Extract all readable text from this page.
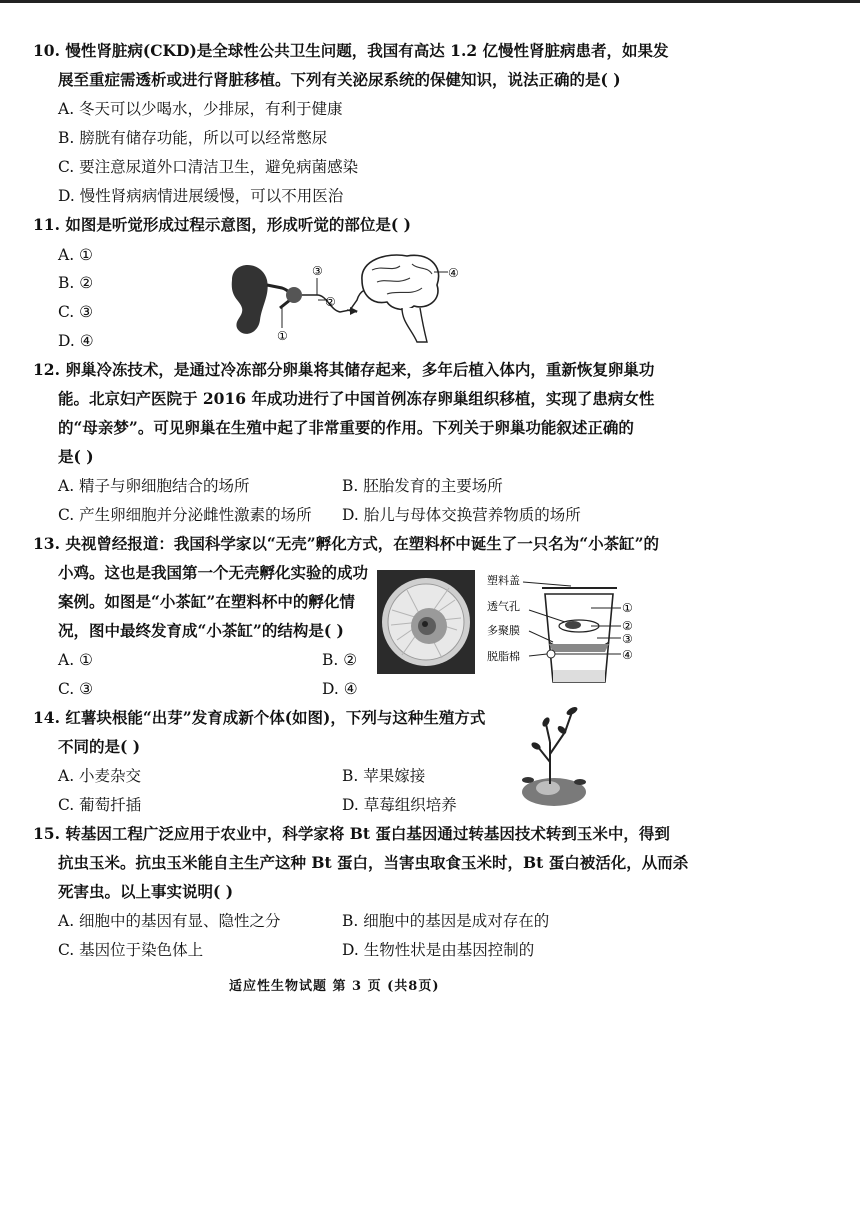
10. 慢性肾脏病(CKD)是全球性公共卫生问题，我国有高达 1.2 亿慢性肾脏病患者，如果发
展至重症需透析或进行肾脏移植。下列有关泌尿系统的保健知识，说法正确的是( )
A. 冬天可以少喝水，少排尿，有利于健康
B. 膀胱有储存功能，所以可以经常憋尿
C. 要注意尿道外口清洁卫生，避免病菌感染
D. 慢性肾病病情进展缓慢，可以不用医治
11. 如图是听觉形成过程示意图，形成听觉的部位是( )
A. ①
B. ②
C. ③
D. ④	①
②
③	④
12. 卵巢冷冻技术，是通过冷冻部分卵巢将其储存起来，多年后植入体内，重新恢复卵巢功
能。北京妇产医院于 2016 年成功进行了中国首例冻存卵巢组织移植，实现了患病女性
的“母亲梦”。可见卵巢在生殖中起了非常重要的作用。下列关于卵巢功能叙述正确的
是( )
A. 精子与卵细胞结合的场所	B. 胚胎发育的主要场所
C. 产生卵细胞并分泌雌性激素的场所 D. 胎儿与母体交换营养物质的场所
13. 央视曾经报道：我国科学家以“无壳”孵化方式，在塑料杯中诞生了一只名为“小茶缸”的
小鸡。这也是我国第一个无壳孵化实验的成功
案例。如图是“小茶缸”在塑料杯中的孵化情
况，图中最终发育成“小茶缸”的结构是( )
A. ①	B. ②
C. ③	D. ④
塑料盖
透气孔
多聚膜
脱脂棉
①
②
③
④
14. 红薯块根能“出芽”发育成新个体(如图)，下列与这种生殖方式
不同的是( )
A. 小麦杂交	B. 苹果嫁接
C. 葡萄扦插	D. 草莓组织培养
15. 转基因工程广泛应用于农业中，科学家将 Bt 蛋白基因通过转基因技术转到玉米中，得到
抗虫玉米。抗虫玉米能自主生产这种 Bt 蛋白，当害虫取食玉米时，Bt 蛋白被活化，从而杀
死害虫。以上事实说明( )
A. 细胞中的基因有显、隐性之分	B. 细胞中的基因是成对存在的
C. 基因位于染色体上	D. 生物性状是由基因控制的
适应性生物试题 第 3 页 (共8页)
